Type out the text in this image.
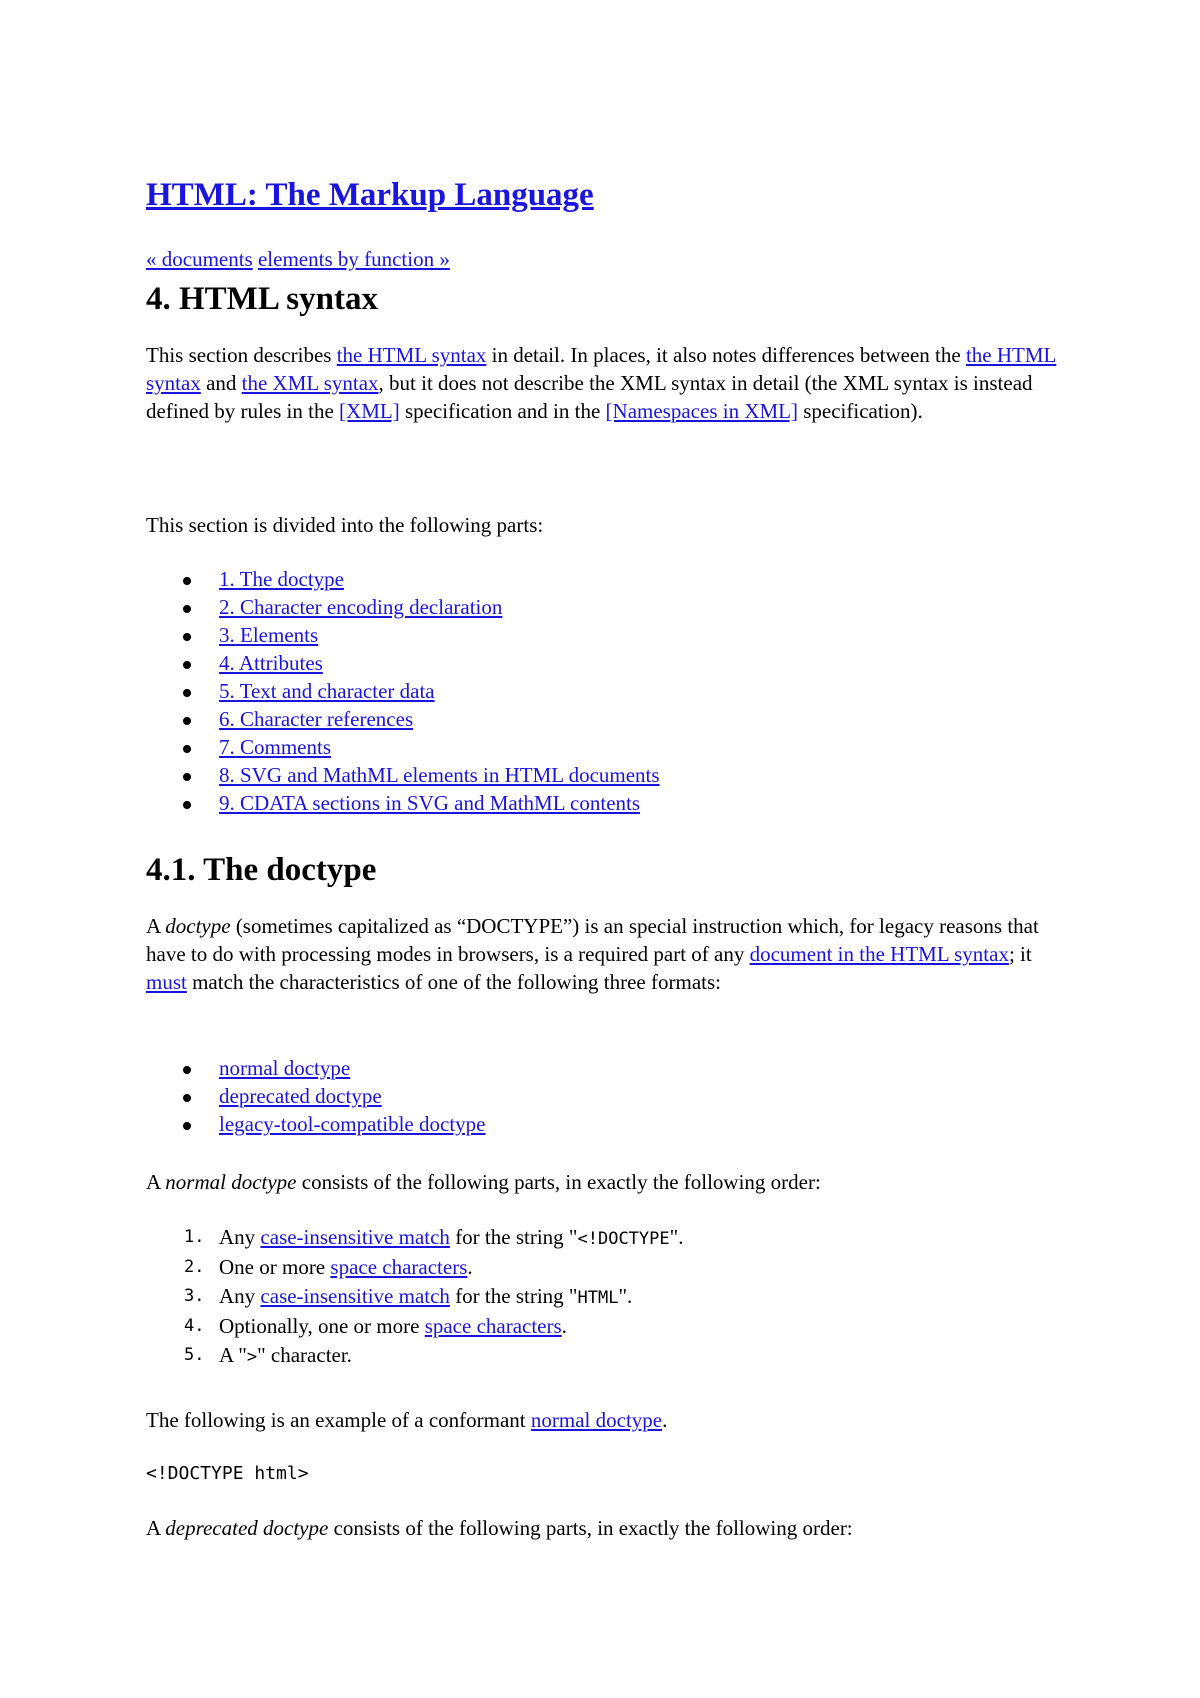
HTML: The Markup Language
« documents elements by function »
4. HTML syntax

This section describes the HTML syntax in detail. In places, it also notes differences between the the HTML syntax and the XML syntax, but it does not describe the XML syntax in detail (the XML syntax is instead defined by rules in the [XML] specification and in the [Namespaces in XML] specification).

This section is divided into the following parts:

1. The doctype
2. Character encoding declaration
3. Elements
4. Attributes
5. Text and character data
6. Character references
7. Comments
8. SVG and MathML elements in HTML documents
9. CDATA sections in SVG and MathML contents
4.1. The doctype

A doctype (sometimes capitalized as “DOCTYPE”) is an special instruction which, for legacy reasons that have to do with processing modes in browsers, is a required part of any document in the HTML syntax; it must match the characteristics of one of the following three formats:

normal doctype
deprecated doctype
legacy-tool-compatible doctype

A normal doctype consists of the following parts, in exactly the following order:

1. Any case-insensitive match for the string "<!DOCTYPE".
2. One or more space characters.
3. Any case-insensitive match for the string "HTML".
4. Optionally, one or more space characters.
5. A ">" character.

The following is an example of a conformant normal doctype.

<!DOCTYPE html>

A deprecated doctype consists of the following parts, in exactly the following order:
